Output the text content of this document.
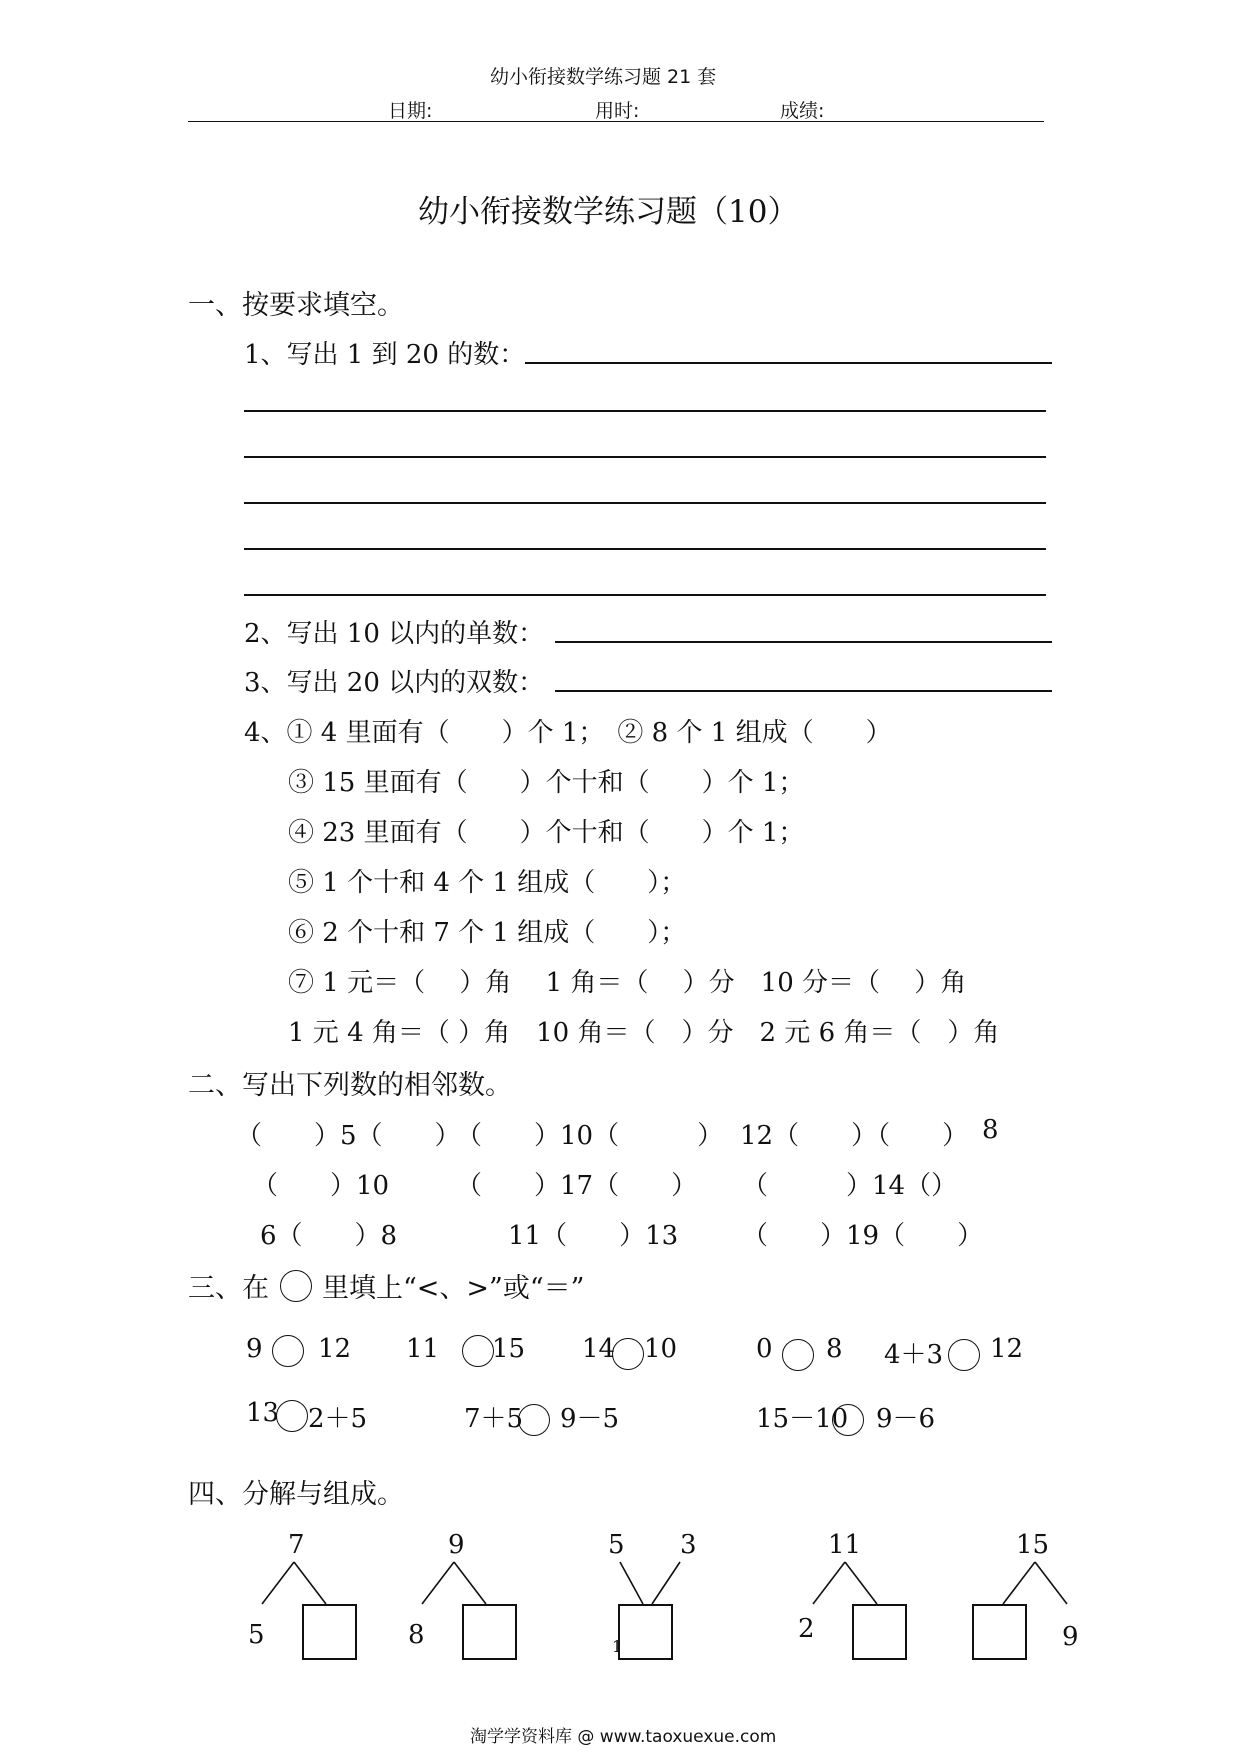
幼小衔接数学练习题 21 套
日期:	用时:	成绩:
幼小衔接数学练习题（10）
一、按要求填空。
1、写出 1 到 20 的数：
2、写出 10 以内的单数：
3、写出 20 以内的双数：
4、① 4 里面有（　　）个 1；　② 8 个 1 组成（　　）
③ 15 里面有（　　）个十和（　　）个 1；
④ 23 里面有（　　）个十和（　　）个 1；
⑤ 1 个十和 4 个 1 组成（　　）；
⑥ 2 个十和 7 个 1 组成（　　）；
⑦ 1 元＝（　 ）角　 1 角＝（　 ）分　10 分＝（　 ）角
1 元 4 角＝（ ）角　10 角＝（　）分　2 元 6 角＝（　）角
二、写出下列数的相邻数。
（　　）5（　　）
（　　）10（　　　） 12（　　）（　　） 8
（　　）10	（　　）17（　　） （　　　）14（）
6（　　）8	11（　　）13 （　　）19（　　）
三、在 里填上“<、>”或“＝”
9 12 11 15 14 10	0 8 4＋3 12
13 2＋5	7＋5 9－5	15－10 9－6
四、分解与组成。
7
5
9
8
5 3	11
2
15
9
1
淘学学资料库 @ www.taoxuexue.com
